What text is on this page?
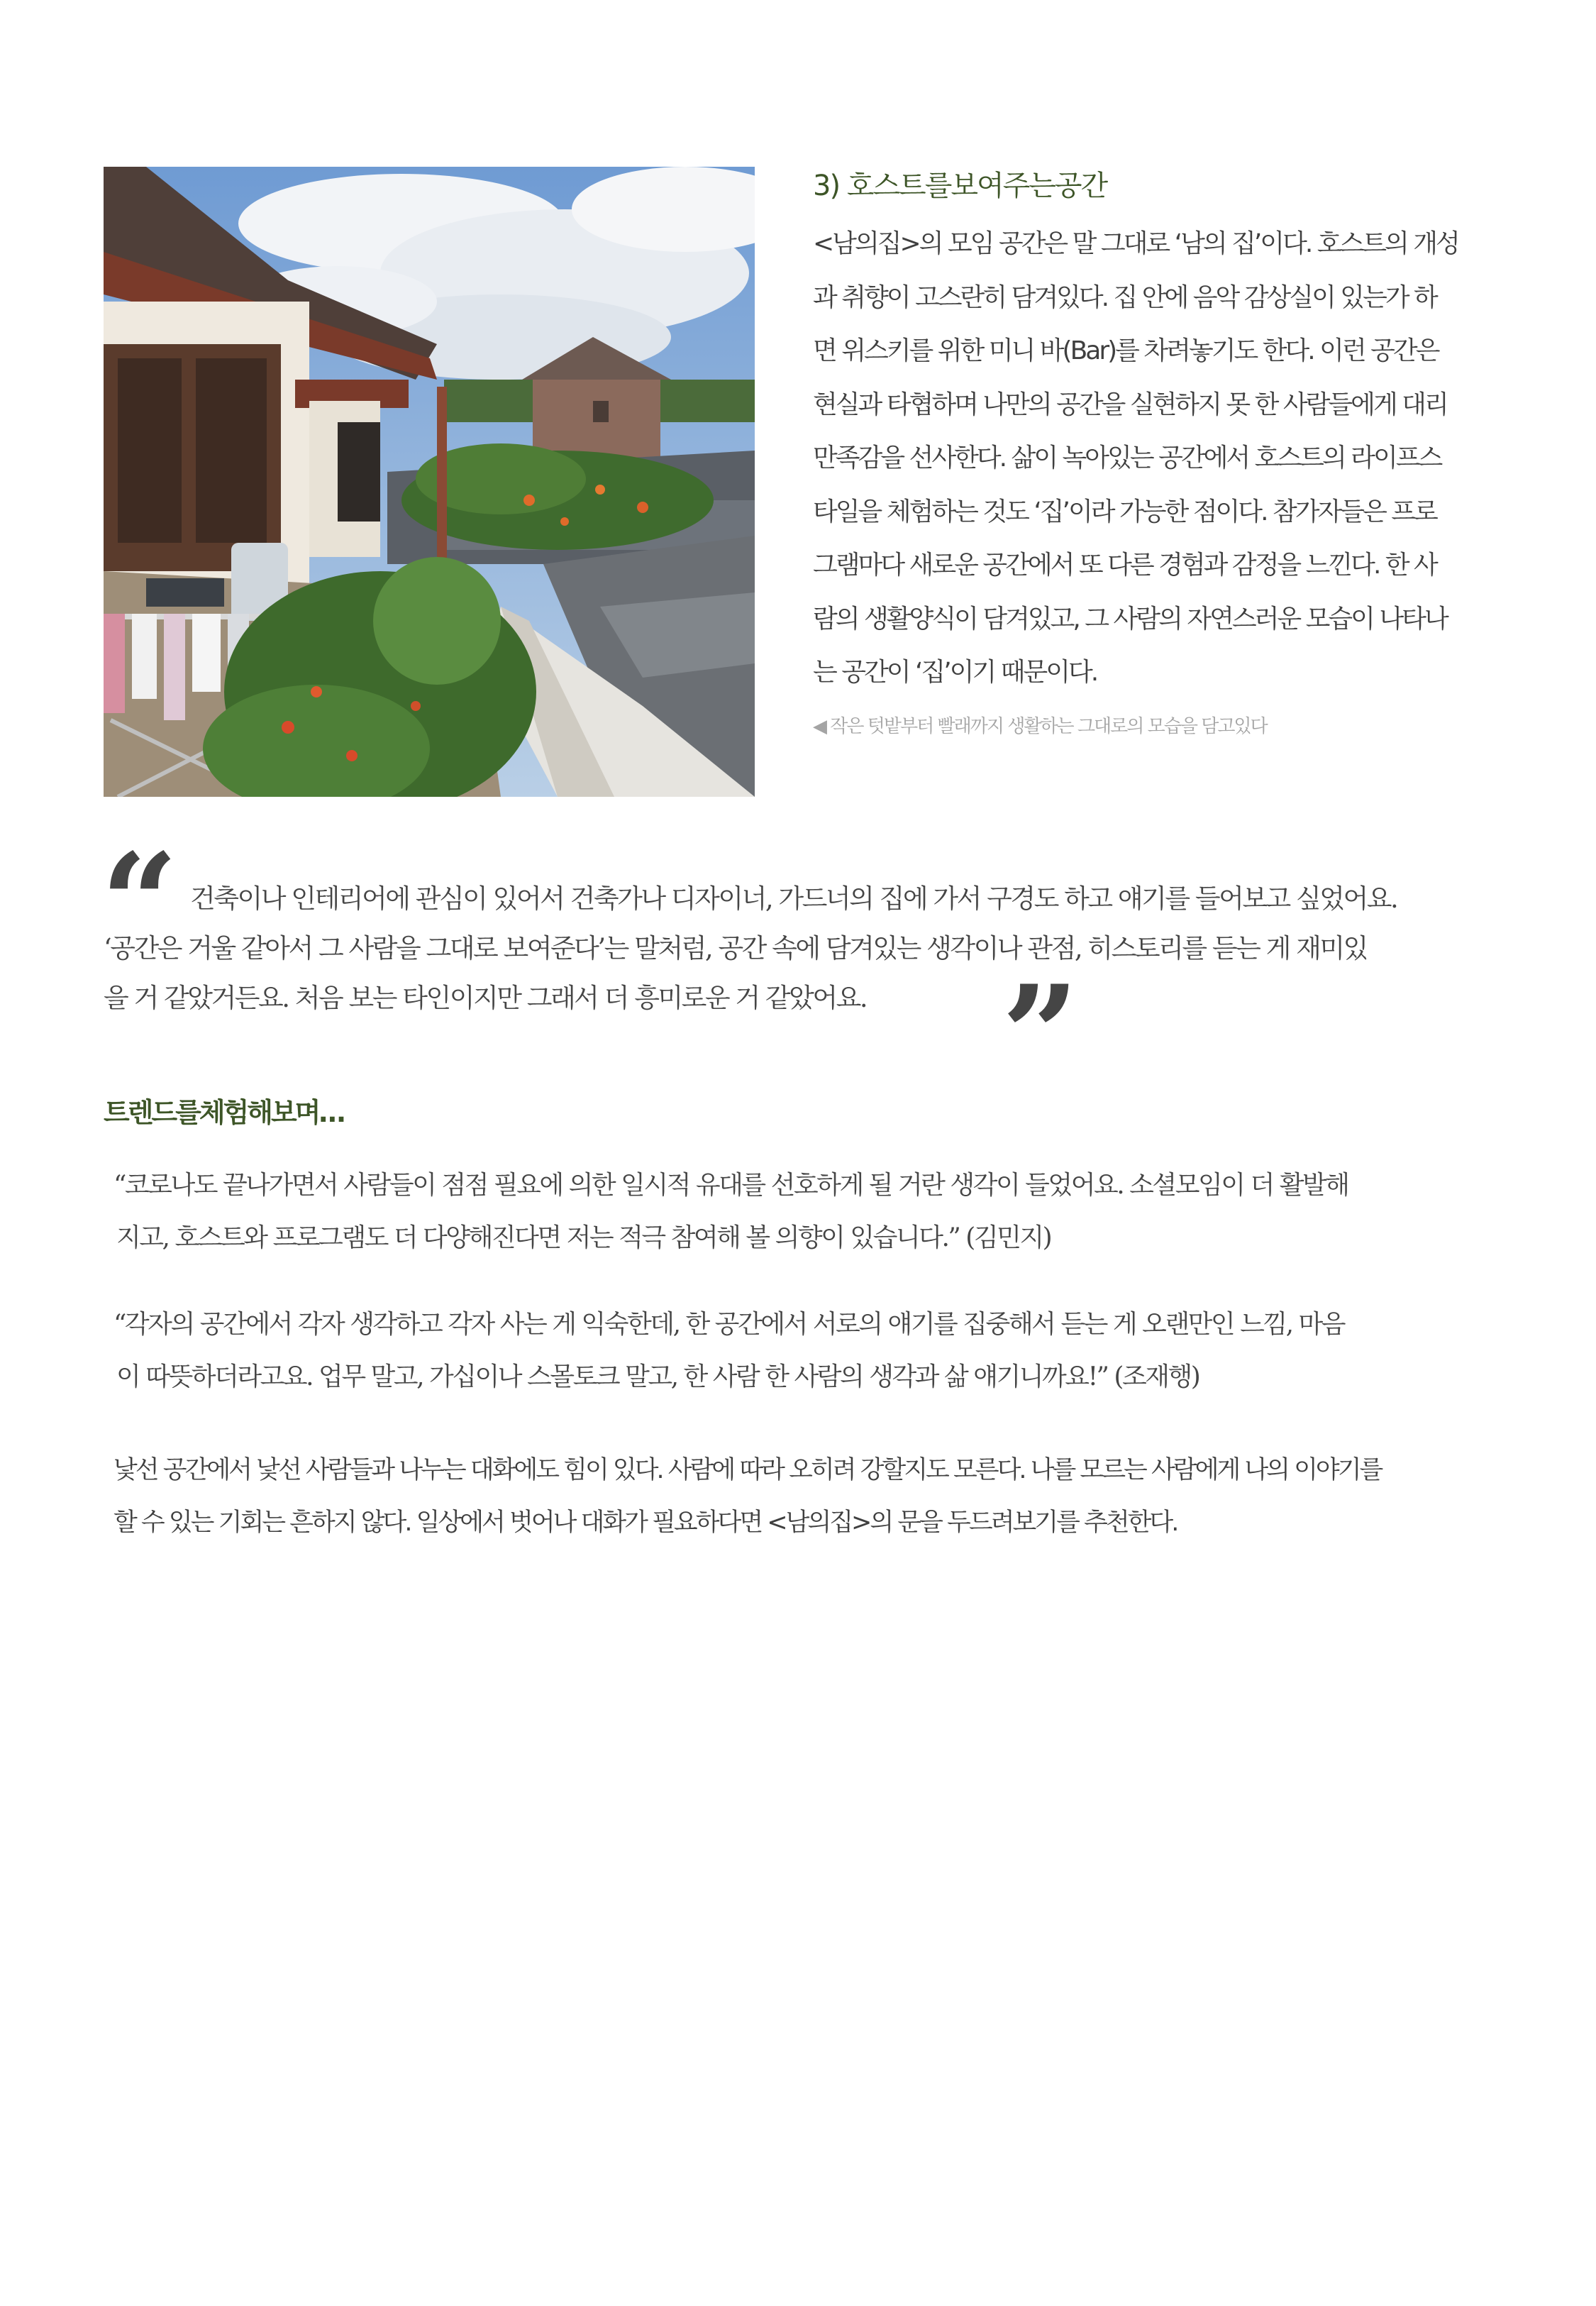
3) 호스트를보여주는공간

<남의집>의 모임 공간은 말 그대로 ‘남의 집’이다. 호스트의 개성
과 취향이 고스란히 담겨있다. 집 안에 음악 감상실이 있는가 하
면 위스키를 위한 미니 바(Bar)를 차려놓기도 한다. 이런 공간은
현실과 타협하며 나만의 공간을 실현하지 못 한 사람들에게 대리
만족감을 선사한다. 삶이 녹아있는 공간에서 호스트의 라이프스
타일을 체험하는 것도 ‘집’이라 가능한 점이다. 참가자들은 프로
그램마다 새로운 공간에서 또 다른 경험과 감정을 느낀다. 한 사
람의 생활양식이 담겨있고, 그 사람의 자연스러운 모습이 나타나
는 공간이 ‘집’이기 때문이다.

◀ 작은 텃밭부터 빨래까지 생활하는 그대로의 모습을 담고있다
“ 건축이나 인테리어에 관심이 있어서 건축가나 디자이너, 가드너의 집에 가서 구경도 하고 얘기를 들어보고 싶었어요.
‘공간은 거울 같아서 그 사람을 그대로 보여준다’는 말처럼, 공간 속에 담겨있는 생각이나 관점, 히스토리를 듣는 게 재미있
을 거 같았거든요. 처음 보는 타인이지만 그래서 더 흥미로운 거 같았어요.	”
트렌드를체험해보며…

“코로나도 끝나가면서 사람들이 점점 필요에 의한 일시적 유대를 선호하게 될 거란 생각이 들었어요. 소셜모임이 더 활발해
지고, 호스트와 프로그램도 더 다양해진다면 저는 적극 참여해 볼 의향이 있습니다.” (김민지)

“각자의 공간에서 각자 생각하고 각자 사는 게 익숙한데, 한 공간에서 서로의 얘기를 집중해서 듣는 게 오랜만인 느낌, 마음
이 따뜻하더라고요. 업무 말고, 가십이나 스몰토크 말고, 한 사람 한 사람의 생각과 삶 얘기니까요!” (조재행)

낯선 공간에서 낯선 사람들과 나누는 대화에도 힘이 있다. 사람에 따라 오히려 강할지도 모른다. 나를 모르는 사람에게 나의 이야기를
할 수 있는 기회는 흔하지 않다. 일상에서 벗어나 대화가 필요하다면 <남의집>의 문을 두드려보기를 추천한다.
